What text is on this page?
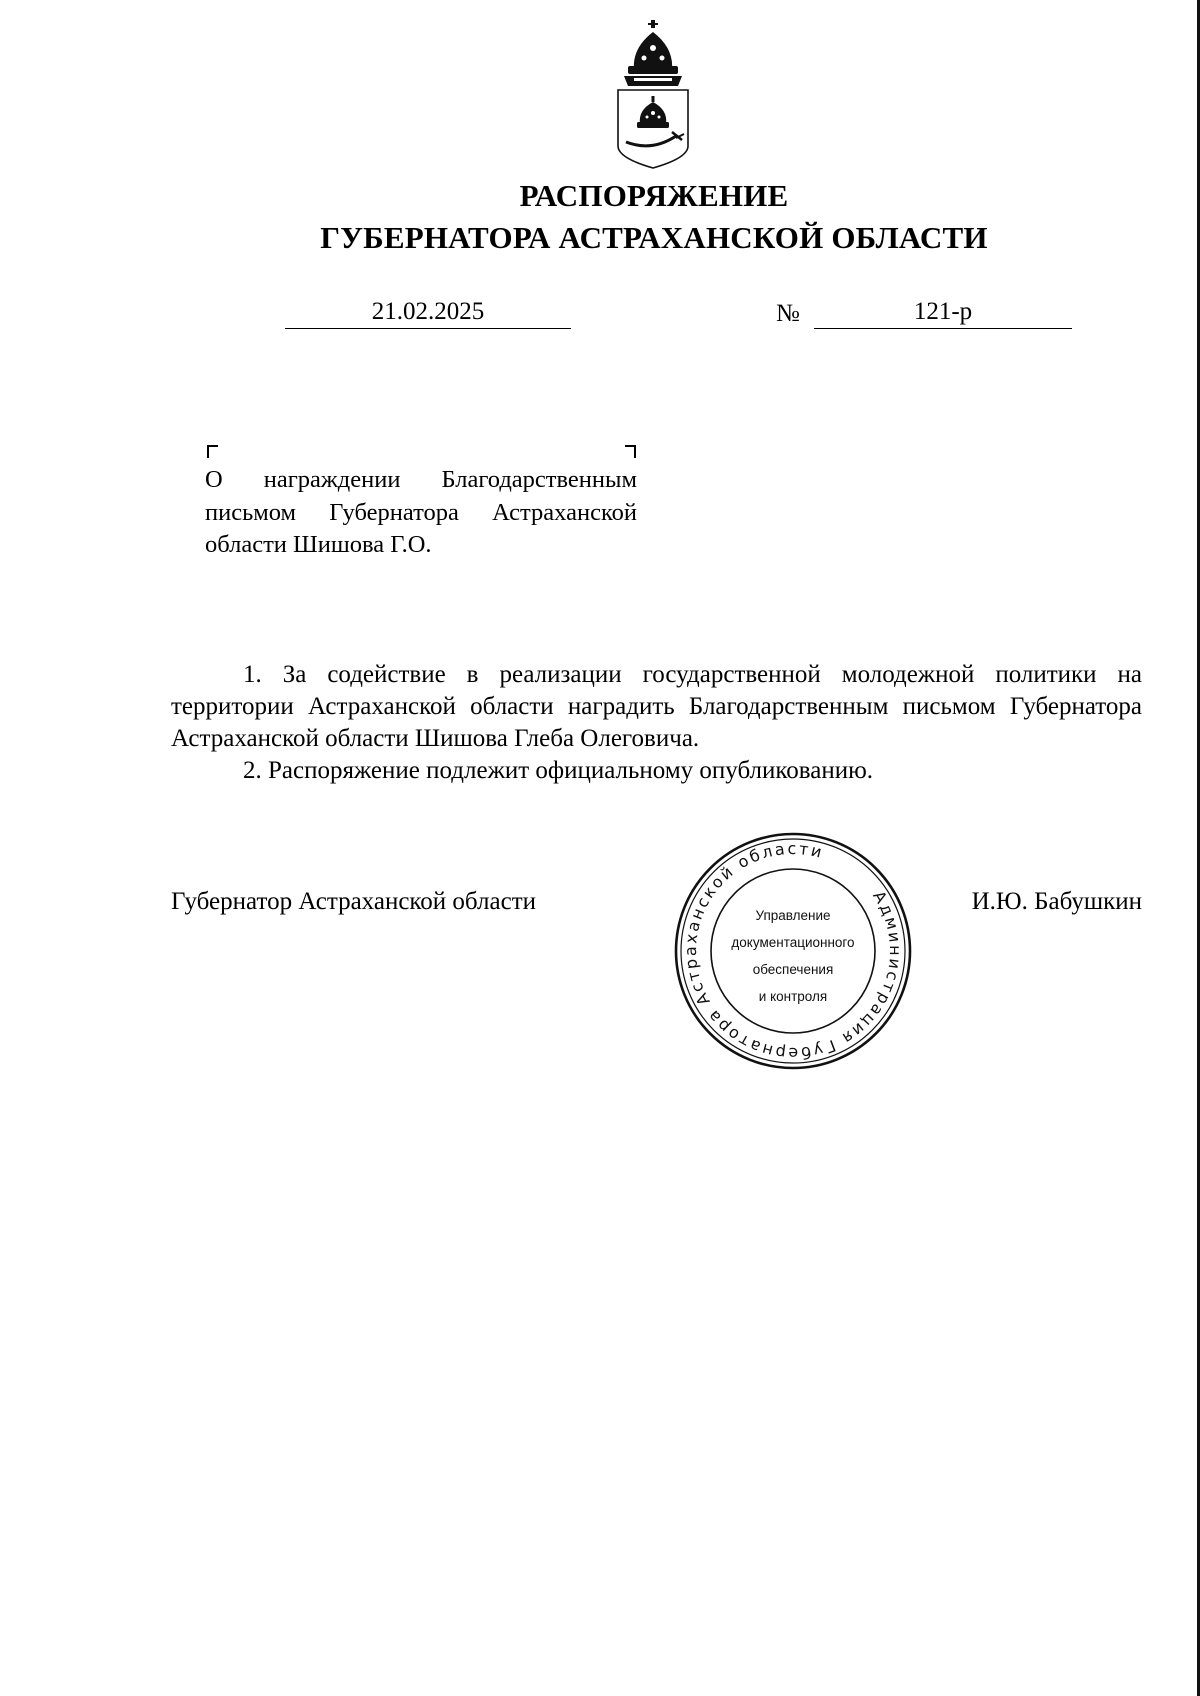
РАСПОРЯЖЕНИЕ
ГУБЕРНАТОРА АСТРАХАНСКОЙ ОБЛАСТИ
21.02.2025	№	121-р
О награждении Благодарственным
письмом Губернатора Астраханской
области Шишова Г.О.

1. За содействие в реализации государственной молодежной политики на территории Астраханской области наградить Благодарственным письмом Губернатора Астраханской области Шишова Глеба Олеговича.

2. Распоряжение подлежит официальному опубликованию.

Губернатор Астраханской области	И.Ю. Бабушкин
Администрация Губернатора Астраханской области
Управление
документационного
обеспечения
и контроля
